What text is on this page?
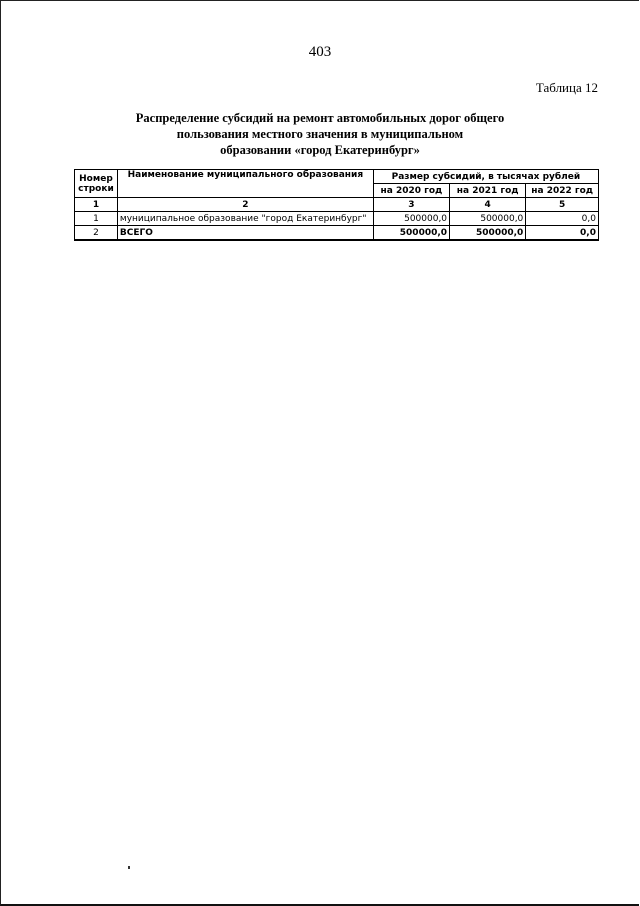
403
Таблица 12
Распределение субсидий на ремонт автомобильных дорог общего
пользования местного значения в муниципальном
образовании «город Екатеринбург»
Номер
строки	Наименование муниципального образования	Размер субсидий, в тысячах рублей		
		на 2020 год	на 2021 год	на 2022 год
1	2	3	4	5
1	муниципальное образование "город Екатеринбург"	500000,0	500000,0	0,0
2	ВСЕГО	500000,0	500000,0	0,0
